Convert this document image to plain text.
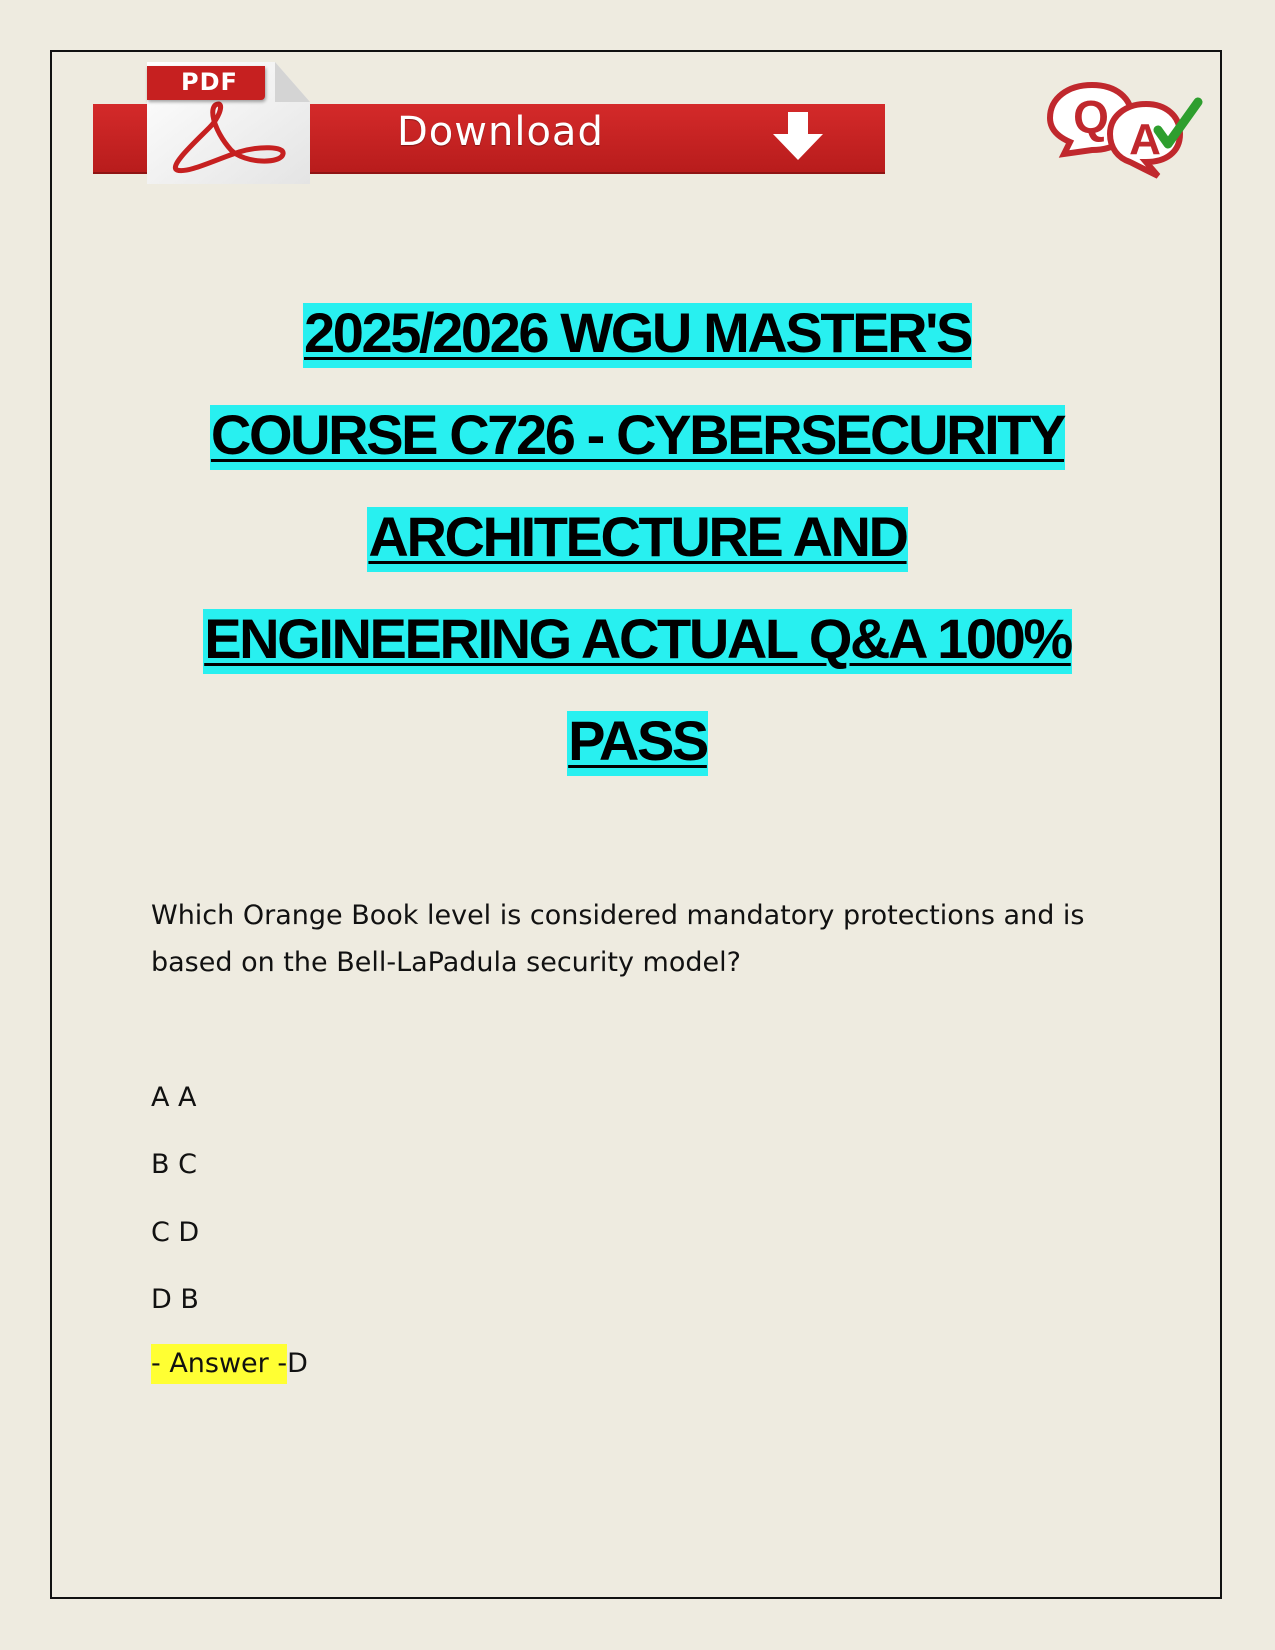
Download
PDF
Q A
2025/2026 WGU MASTER'S
COURSE C726 - CYBERSECURITY
ARCHITECTURE AND
ENGINEERING ACTUAL Q&A 100%
PASS
Which Orange Book level is considered mandatory protections and is
based on the Bell-LaPadula security model?
A A
B C
C D
D B
- Answer -D
